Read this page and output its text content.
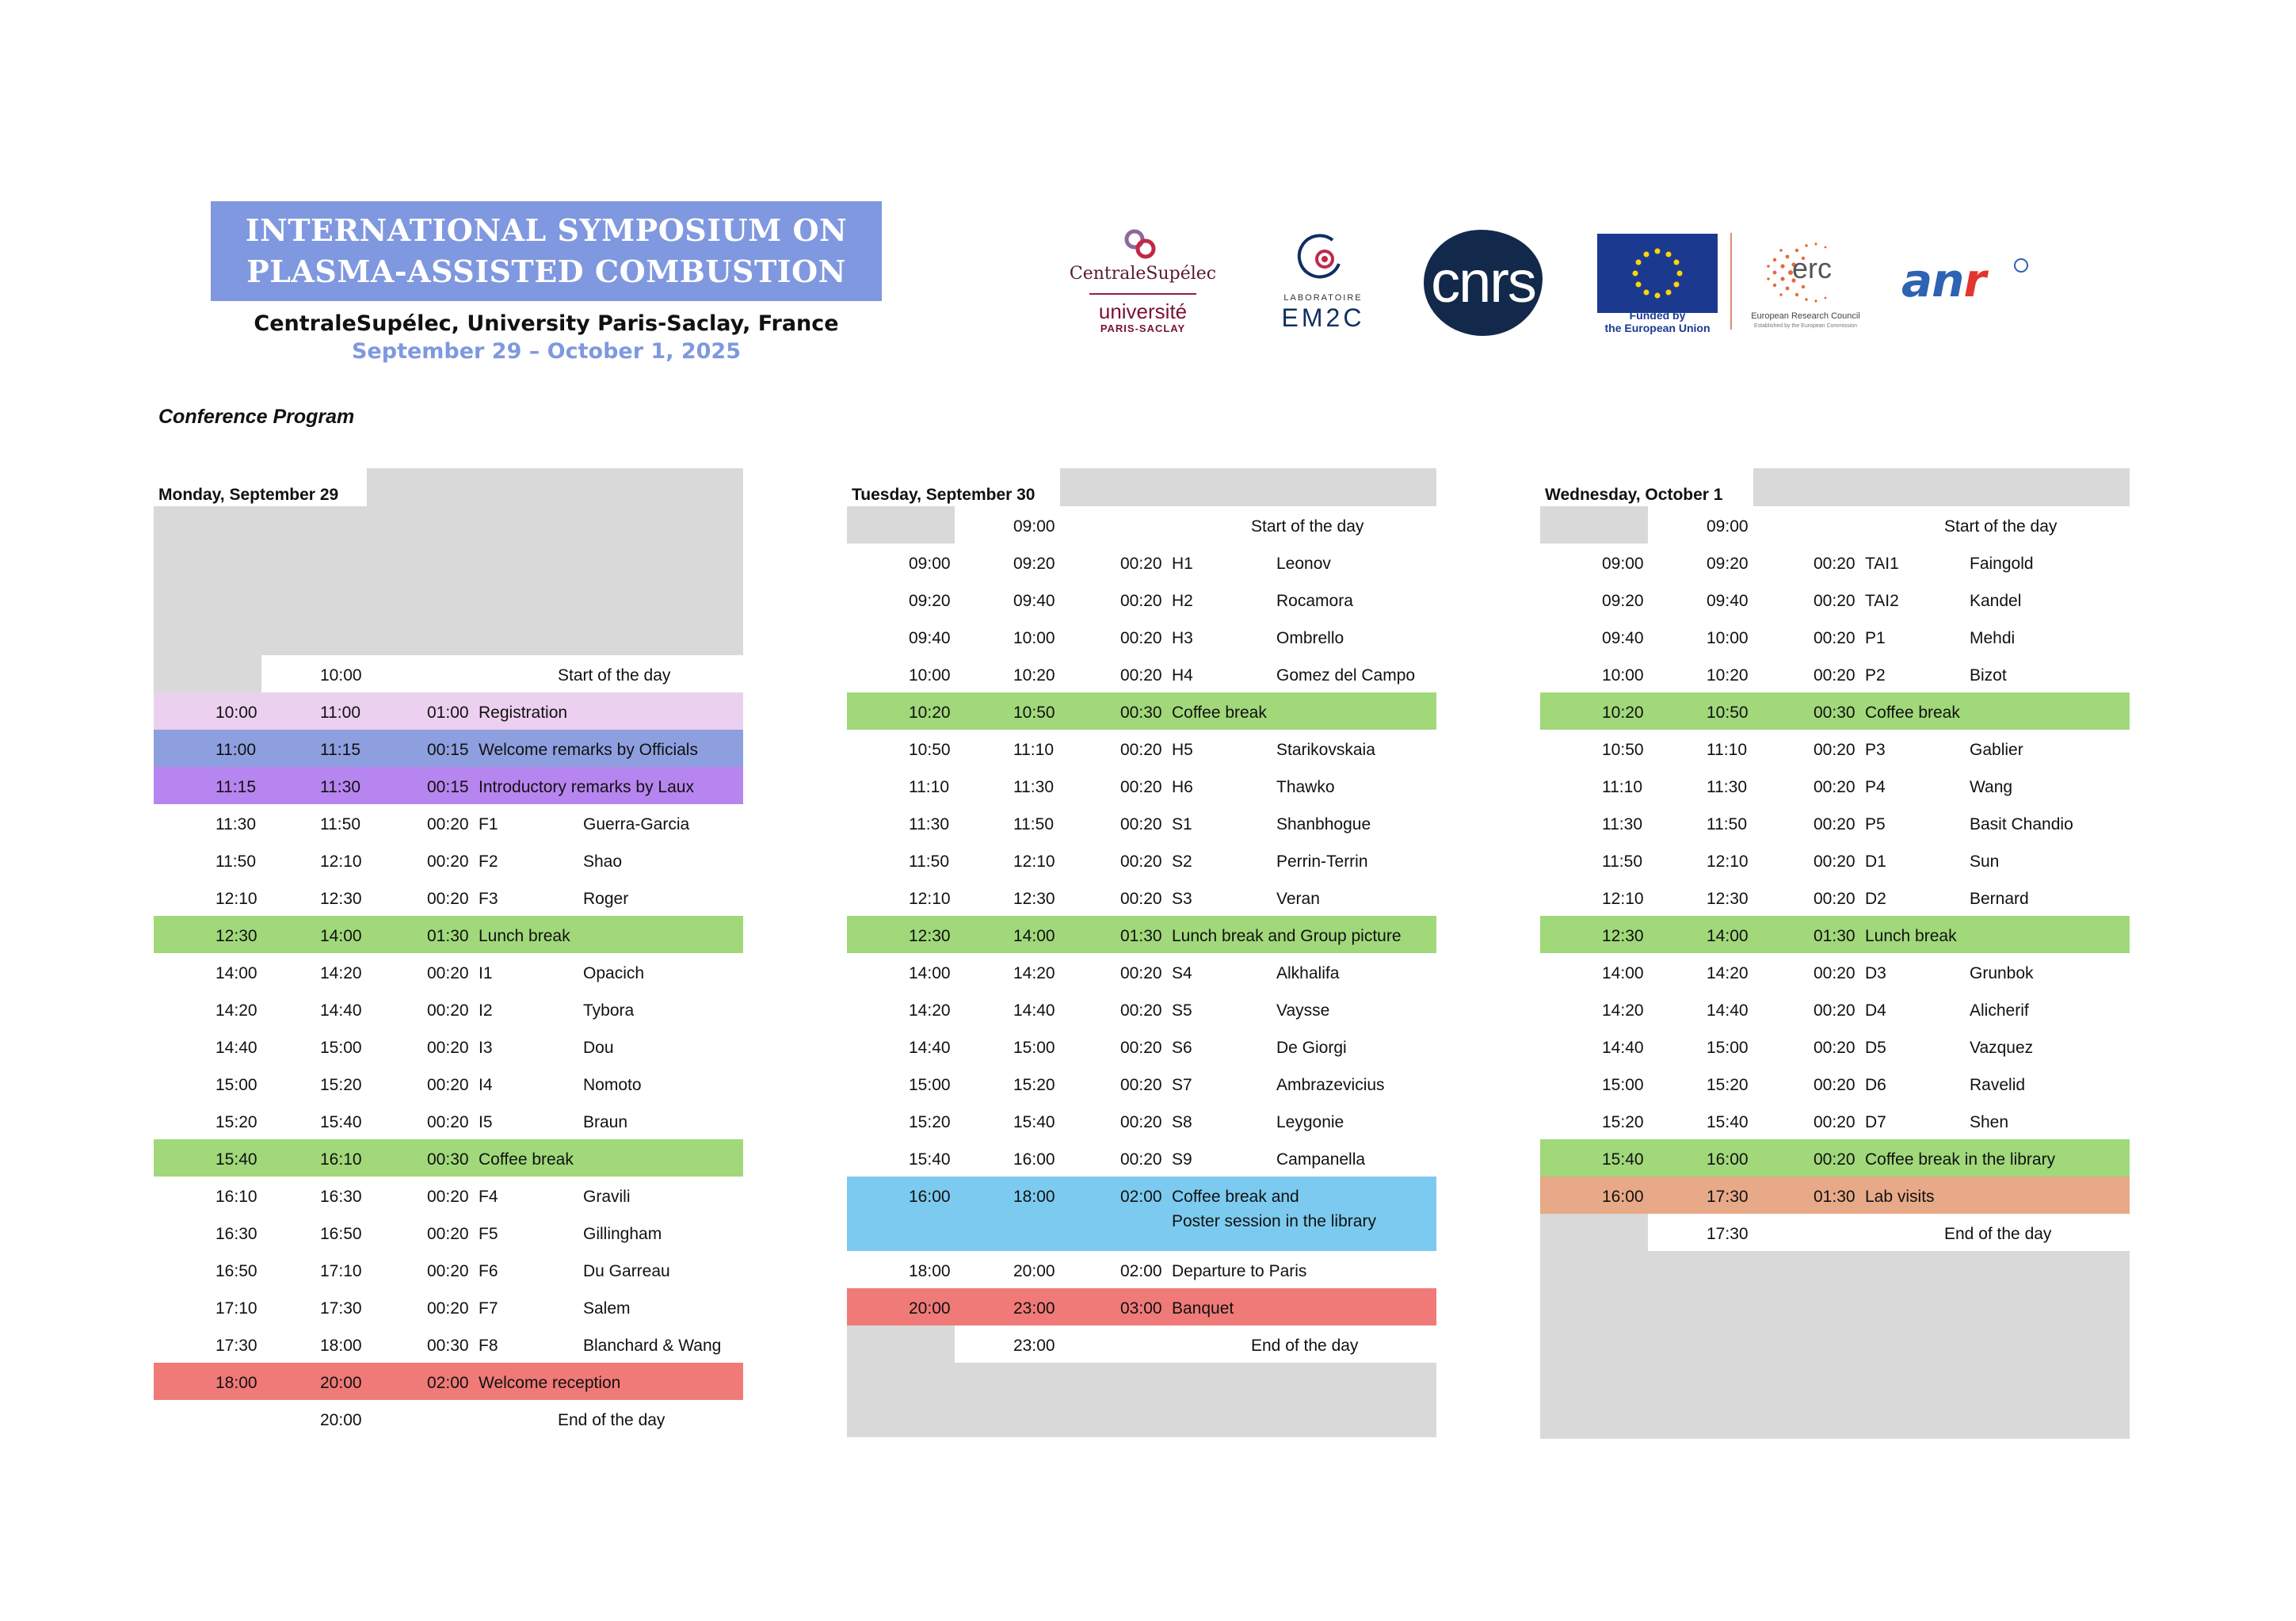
INTERNATIONAL SYMPOSIUM ON
PLASMA-ASSISTED COMBUSTION
CentraleSupélec, University Paris-Saclay, France
September 29 – October 1, 2025
CentraleSupélec
université
PARIS-SACLAY
LABORATOIRE
EM2C
cnrs
Funded by
the European Union
erc
European Research Council
Established by the European Commission
anr
Conference Program
Monday, September 29
10:00	Start of the day
10:00	11:00	01:00 Registration
11:00	11:15	00:15 Welcome remarks by Officials
11:15	11:30	00:15 Introductory remarks by Laux
11:30	11:50	00:20 F1	Guerra-Garcia
11:50	12:10	00:20 F2	Shao
12:10	12:30	00:20 F3	Roger
12:30	14:00	01:30 Lunch break
14:00	14:20	00:20 I1	Opacich
14:20	14:40	00:20 I2	Tybora
14:40	15:00	00:20 I3	Dou
15:00	15:20	00:20 I4	Nomoto
15:20	15:40	00:20 I5	Braun
15:40	16:10	00:30 Coffee break
16:10	16:30	00:20 F4	Gravili
16:30	16:50	00:20 F5	Gillingham
16:50	17:10	00:20 F6	Du Garreau
17:10	17:30	00:20 F7	Salem
17:30	18:00	00:30 F8	Blanchard & Wang
18:00	20:00	02:00 Welcome reception
20:00	End of the day
Tuesday, September 30
09:00	Start of the day
09:00	09:20	00:20 H1	Leonov
09:20	09:40	00:20 H2	Rocamora
09:40	10:00	00:20 H3	Ombrello
10:00	10:20	00:20 H4	Gomez del Campo
10:20	10:50	00:30 Coffee break
10:50	11:10	00:20 H5	Starikovskaia
11:10	11:30	00:20 H6	Thawko
11:30	11:50	00:20 S1	Shanbhogue
11:50	12:10	00:20 S2	Perrin-Terrin
12:10	12:30	00:20 S3	Veran
12:30	14:00	01:30 Lunch break and Group picture
14:00	14:20	00:20 S4	Alkhalifa
14:20	14:40	00:20 S5	Vaysse
14:40	15:00	00:20 S6	De Giorgi
15:00	15:20	00:20 S7	Ambrazevicius
15:20	15:40	00:20 S8	Leygonie
15:40	16:00	00:20 S9	Campanella
16:00	18:00	02:00 Coffee break and
Poster session in the library
18:00	20:00	02:00 Departure to Paris
20:00	23:00	03:00 Banquet
23:00	End of the day
Wednesday, October 1
09:00	Start of the day
09:00	09:20	00:20 TAI1	Faingold
09:20	09:40	00:20 TAI2	Kandel
09:40	10:00	00:20 P1	Mehdi
10:00	10:20	00:20 P2	Bizot
10:20	10:50	00:30 Coffee break
10:50	11:10	00:20 P3	Gablier
11:10	11:30	00:20 P4	Wang
11:30	11:50	00:20 P5	Basit Chandio
11:50	12:10	00:20 D1	Sun
12:10	12:30	00:20 D2	Bernard
12:30	14:00	01:30 Lunch break
14:00	14:20	00:20 D3	Grunbok
14:20	14:40	00:20 D4	Alicherif
14:40	15:00	00:20 D5	Vazquez
15:00	15:20	00:20 D6	Ravelid
15:20	15:40	00:20 D7	Shen
15:40	16:00	00:20 Coffee break in the library
16:00	17:30	01:30 Lab visits
17:30	End of the day
